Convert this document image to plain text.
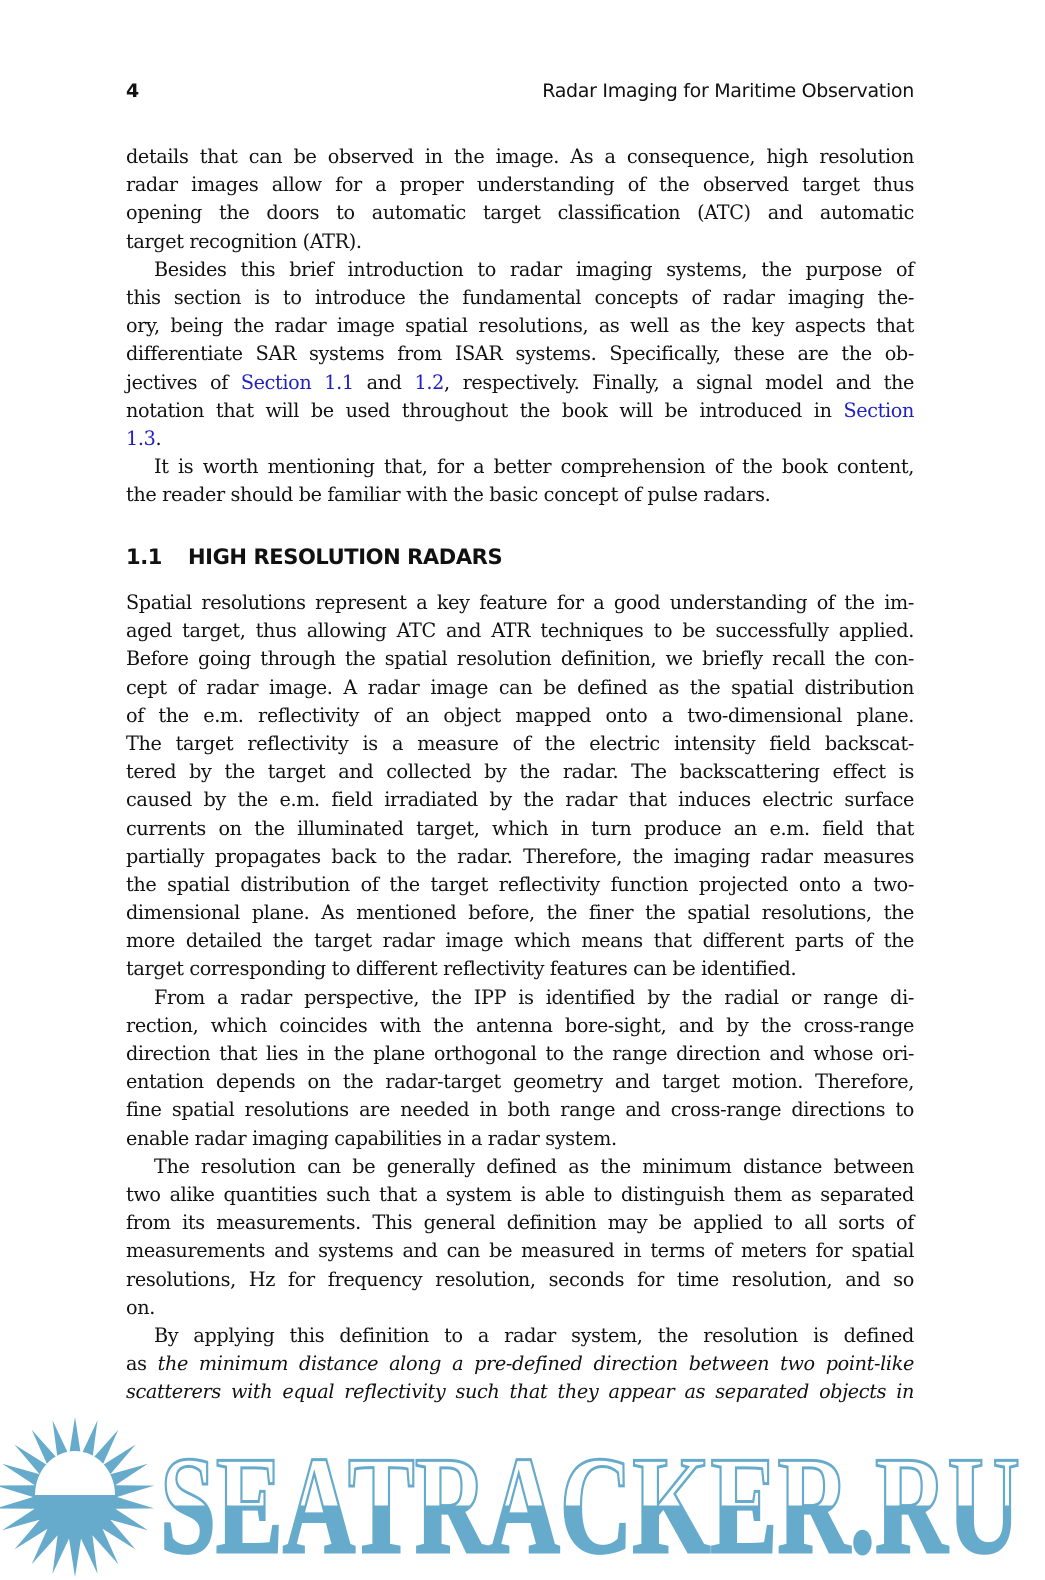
4	Radar Imaging for Maritime Observation
details that can be observed in the image. As a consequence, high resolution
radar images allow for a proper understanding of the observed target thus
opening the doors to automatic target classification (ATC) and automatic
target recognition (ATR).
Besides this brief introduction to radar imaging systems, the purpose of
this section is to introduce the fundamental concepts of radar imaging the-
ory, being the radar image spatial resolutions, as well as the key aspects that
differentiate SAR systems from ISAR systems. Specifically, these are the ob-
jectives of Section 1.1 and 1.2, respectively. Finally, a signal model and the
notation that will be used throughout the book will be introduced in Section
1.3.
It is worth mentioning that, for a better comprehension of the book content,
the reader should be familiar with the basic concept of pulse radars.
1.1 HIGH RESOLUTION RADARS
Spatial resolutions represent a key feature for a good understanding of the im-
aged target, thus allowing ATC and ATR techniques to be successfully applied.
Before going through the spatial resolution definition, we briefly recall the con-
cept of radar image. A radar image can be defined as the spatial distribution
of the e.m. reflectivity of an object mapped onto a two-dimensional plane.
The target reflectivity is a measure of the electric intensity field backscat-
tered by the target and collected by the radar. The backscattering effect is
caused by the e.m. field irradiated by the radar that induces electric surface
currents on the illuminated target, which in turn produce an e.m. field that
partially propagates back to the radar. Therefore, the imaging radar measures
the spatial distribution of the target reflectivity function projected onto a two-
dimensional plane. As mentioned before, the finer the spatial resolutions, the
more detailed the target radar image which means that different parts of the
target corresponding to different reflectivity features can be identified.
From a radar perspective, the IPP is identified by the radial or range di-
rection, which coincides with the antenna bore-sight, and by the cross-range
direction that lies in the plane orthogonal to the range direction and whose ori-
entation depends on the radar-target geometry and target motion. Therefore,
fine spatial resolutions are needed in both range and cross-range directions to
enable radar imaging capabilities in a radar system.
The resolution can be generally defined as the minimum distance between
two alike quantities such that a system is able to distinguish them as separated
from its measurements. This general definition may be applied to all sorts of
measurements and systems and can be measured in terms of meters for spatial
resolutions, Hz for frequency resolution, seconds for time resolution, and so
on.
By applying this definition to a radar system, the resolution is defined
as the minimum distance along a pre-defined direction between two point-like
scatterers with equal reflectivity such that they appear as separated objects in
SEATRACKER.RU
